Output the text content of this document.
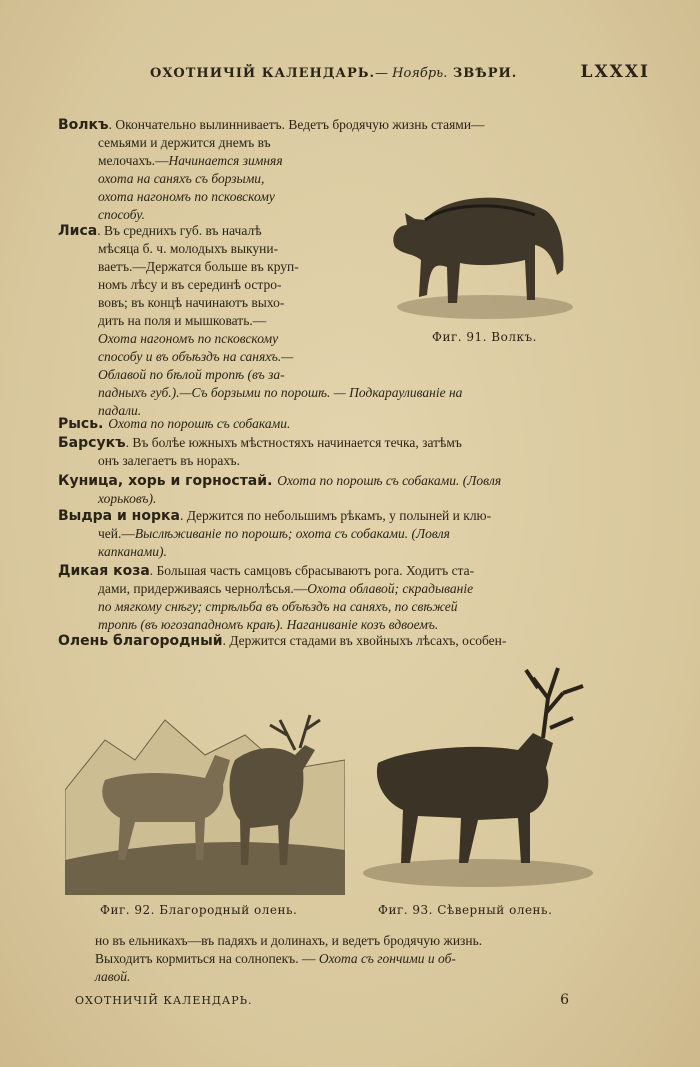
ОХОТНИЧІЙ КАЛЕНДАРЬ.— Ноябрь. ЗВѢРИ.	LXXXI
Волкъ. Окончательно вылинниваетъ. Ведетъ бродячую жизнь стаями—
семьями и держится днемъ въ
мелочахъ.—Начинается зимняя
охота на саняхъ съ борзыми,
охота нагономъ по псковскому
способу.
Лиса. Въ среднихъ губ. въ началѣ
мѣсяца б. ч. молодыхъ выкуни-
ваетъ.—Держатся больше въ круп-
номъ лѣсу и въ серединѣ остро-
вовъ; въ концѣ начинаютъ выхо-
дить на поля и мышковать.—
Охота нагономъ по псковскому
способу и въ объѣздъ на саняхъ.—
Облавой по бѣлой тропѣ (въ за-
падныхъ губ.).—Съ борзыми по порошѣ. — Подкарауливаніе на
падали.
Рысь. Охота по порошѣ съ собаками.
Барсукъ. Въ болѣе южныхъ мѣстностяхъ начинается течка, затѣмъ
онъ залегаетъ въ норахъ.
Куница, хорь и горностай. Охота по порошѣ съ собаками. (Ловля
хорьковъ).
Выдра и норка. Держится по небольшимъ рѣкамъ, у полыней и клю-
чей.—Выслѣживаніе по порошѣ; охота съ собаками. (Ловля
капканами).
Дикая коза. Большая часть самцовъ сбрасываютъ рога. Ходитъ ста-
дами, придерживаясь чернолѣсья.—Охота облавой; скрадываніе
по мягкому снѣгу; стрѣльба въ объѣздъ на саняхъ, по свѣжей
тропѣ (въ югозападномъ краѣ). Наганиваніе козъ вдвоемъ.
Олень благородный. Держится стадами въ хвойныхъ лѣсахъ, особен-
Фиг. 91. Волкъ.
Фиг. 92. Благородный олень.	Фиг. 93. Сѣверный олень.
но въ ельникахъ—въ падяхъ и долинахъ, и ведетъ бродячую жизнь.
Выходитъ кормиться на солнопекъ. — Охота съ гончими и об-
лавой.
ОХОТНИЧІЙ КАЛЕНДАРЬ.	6
